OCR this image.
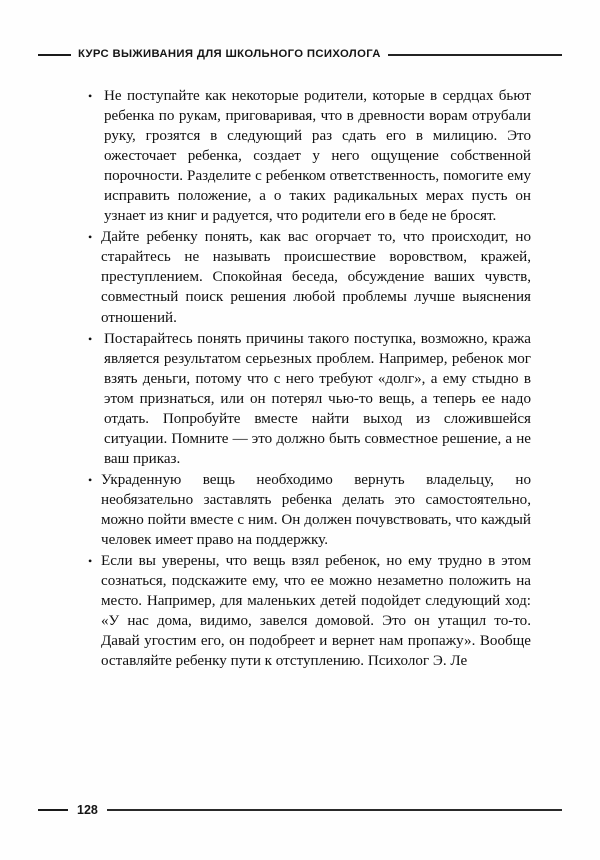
КУРС ВЫЖИВАНИЯ ДЛЯ ШКОЛЬНОГО ПСИХОЛОГА

• Не поступайте как некоторые родители, которые в сердцах бьют ребенка по рукам, приговаривая, что в древности ворам отрубали руку, грозятся в следующий раз сдать его в милицию. Это ожесточает ребенка, создает у него ощущение собственной порочности. Разделите с ребенком ответственность, помогите ему исправить положение, а о таких радикальных мерах пусть он узнает из книг и радуется, что родители его в беде не бросят.

• Дайте ребенку понять, как вас огорчает то, что происходит, но старайтесь не называть происшествие воровством, кражей, преступлением. Спокойная беседа, обсуждение ваших чувств, совместный поиск решения любой проблемы лучше выяснения отношений.

• Постарайтесь понять причины такого поступка, возможно, кража является результатом серьезных проблем. Например, ребенок мог взять деньги, потому что с него требуют «долг», а ему стыдно в этом признаться, или он потерял чью-то вещь, а теперь ее надо отдать. Попробуйте вместе найти выход из сложившейся ситуации. Помните — это должно быть совместное решение, а не ваш приказ.

• Украденную вещь необходимо вернуть владельцу, но необязательно заставлять ребенка делать это самостоятельно, можно пойти вместе с ним. Он должен почувствовать, что каждый человек имеет право на поддержку.

• Если вы уверены, что вещь взял ребенок, но ему трудно в этом сознаться, подскажите ему, что ее можно незаметно положить на место. Например, для маленьких детей подойдет следующий ход: «У нас дома, видимо, завелся домовой. Это он утащил то-то. Давай угостим его, он подобреет и вернет нам пропажу». Вообще оставляйте ребенку пути к отступлению. Психолог Э. Ле

128
